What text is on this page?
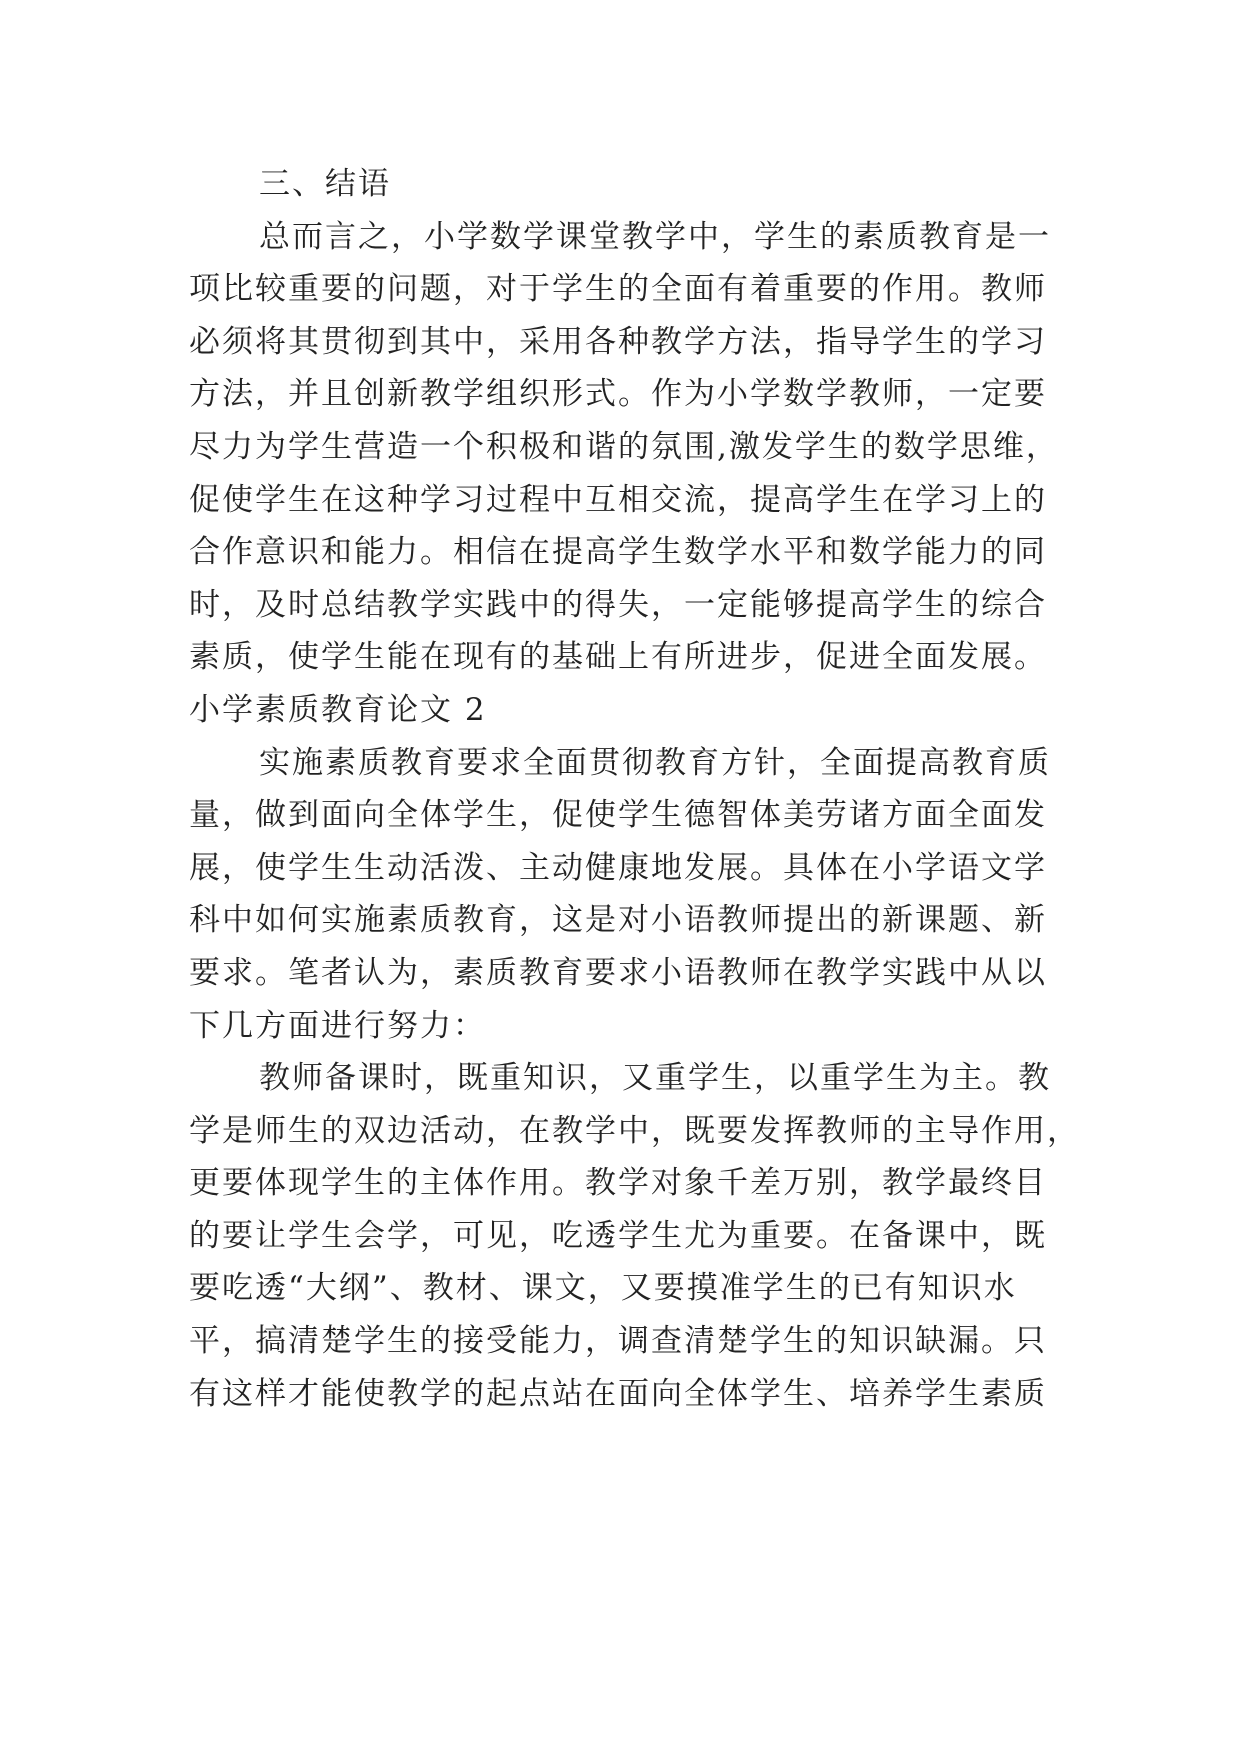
三、结语
总而言之，小学数学课堂教学中，学生的素质教育是一
项比较重要的问题，对于学生的全面有着重要的作用。教师
必须将其贯彻到其中，采用各种教学方法，指导学生的学习
方法，并且创新教学组织形式。作为小学数学教师，一定要
尽力为学生营造一个积极和谐的氛围,激发学生的数学思维，
促使学生在这种学习过程中互相交流，提高学生在学习上的
合作意识和能力。相信在提高学生数学水平和数学能力的同
时，及时总结教学实践中的得失，一定能够提高学生的综合
素质，使学生能在现有的基础上有所进步，促进全面发展。
小学素质教育论文 2
实施素质教育要求全面贯彻教育方针，全面提高教育质
量，做到面向全体学生，促使学生德智体美劳诸方面全面发
展，使学生生动活泼、主动健康地发展。具体在小学语文学
科中如何实施素质教育，这是对小语教师提出的新课题、新
要求。笔者认为，素质教育要求小语教师在教学实践中从以
下几方面进行努力：
教师备课时，既重知识，又重学生，以重学生为主。教
学是师生的双边活动，在教学中，既要发挥教师的主导作用，
更要体现学生的主体作用。教学对象千差万别，教学最终目
的要让学生会学，可见，吃透学生尤为重要。在备课中，既
要吃透“大纲”、教材、课文，又要摸准学生的已有知识水
平，搞清楚学生的接受能力，调查清楚学生的知识缺漏。只
有这样才能使教学的起点站在面向全体学生、培养学生素质
